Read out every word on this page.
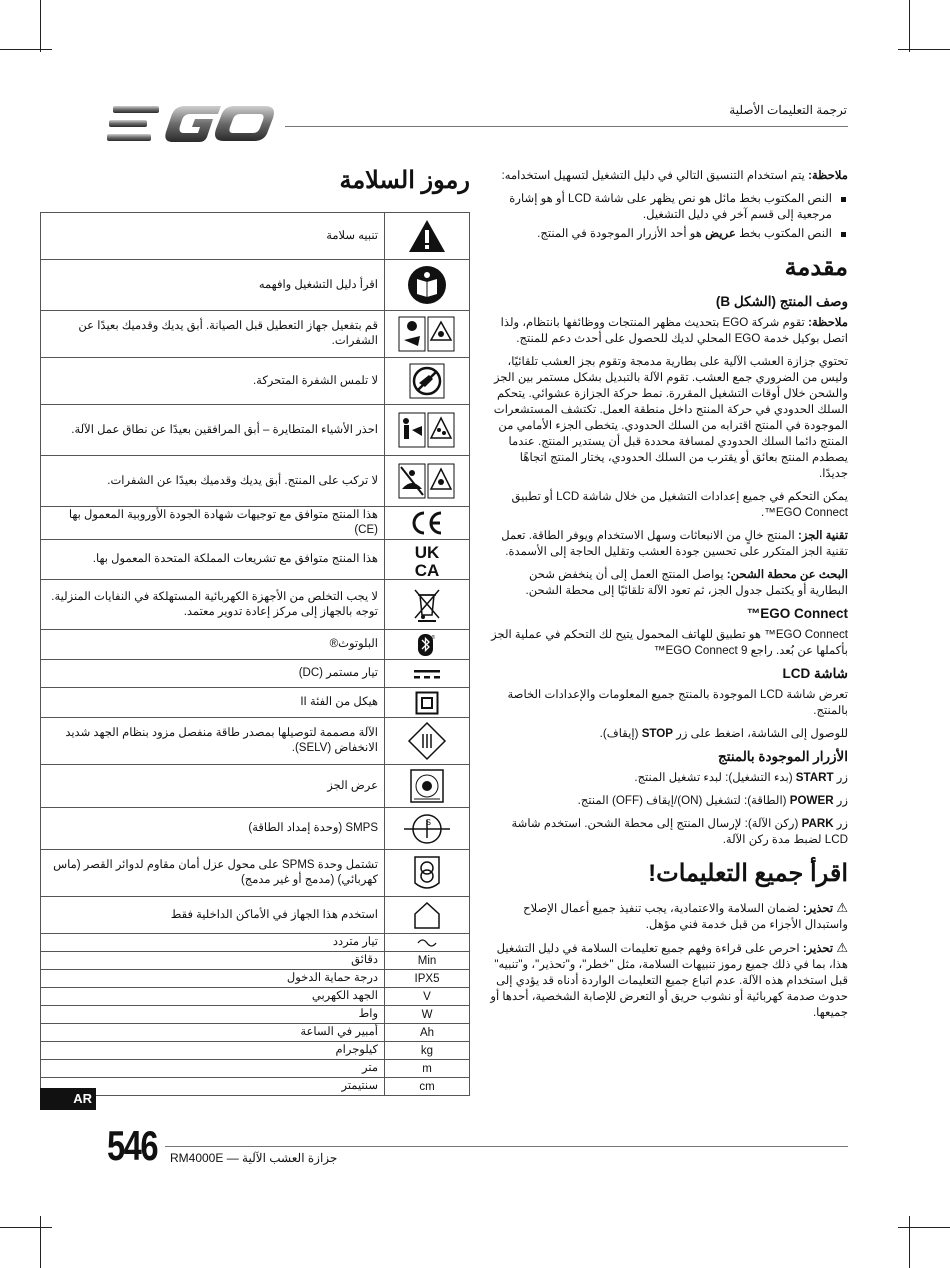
ترجمة التعليمات الأصلية

ملاحظة: يتم استخدام التنسيق التالي في دليل التشغيل لتسهيل استخدامه:

النص المكتوب بخط مائل هو نص يظهر على شاشة LCD أو هو إشارة مرجعية إلى قسم آخر في دليل التشغيل.
النص المكتوب بخط عريض هو أحد الأزرار الموجودة في المنتج.
مقدمة
وصف المنتج (الشكل B)

ملاحظة: تقوم شركة EGO بتحديث مظهر المنتجات ووظائفها بانتظام، ولذا اتصل بوكيل خدمة EGO المحلي لديك للحصول على أحدث دعم للمنتج.

تحتوي جزازة العشب الآلية على بطارية مدمجة وتقوم بجز العشب تلقائيًا، وليس من الضروري جمع العشب. تقوم الآلة بالتبديل بشكل مستمر بين الجز والشحن خلال أوقات التشغيل المقررة. نمط حركة الجزازة عشوائي. يتحكم السلك الحدودي في حركة المنتج داخل منطقة العمل. تكتشف المستشعرات الموجودة في المنتج اقترابه من السلك الحدودي. يتخطى الجزء الأمامي من المنتج دائما السلك الحدودي لمسافة محددة قبل أن يستدير المنتج. عندما يصطدم المنتج بعائق أو يقترب من السلك الحدودي، يختار المنتج اتجاهًا جديدًا.

يمكن التحكم في جميع إعدادات التشغيل من خلال شاشة LCD أو تطبيق EGO Connect™.

تقنية الجز: المنتج خالٍ من الانبعاثات وسهل الاستخدام ويوفر الطاقة. تعمل تقنية الجز المتكرر على تحسين جودة العشب وتقليل الحاجة إلى الأسمدة.

البحث عن محطة الشحن: يواصل المنتج العمل إلى أن ينخفض شحن البطارية أو يكتمل جدول الجز، ثم تعود الآلة تلقائيًا إلى محطة الشحن.

EGO Connect™

EGO Connect™ هو تطبيق للهاتف المحمول يتيح لك التحكم في عملية الجز بأكملها عن بُعد. راجع 9 EGO Connect™

شاشة LCD

تعرض شاشة LCD الموجودة بالمنتج جميع المعلومات والإعدادات الخاصة بالمنتج.

للوصول إلى الشاشة، اضغط على زر STOP (إيقاف).

الأزرار الموجودة بالمنتج

زر START (بدء التشغيل): لبدء تشغيل المنتج.

زر POWER (الطاقة): لتشغيل (ON)/إيقاف (OFF) المنتج.

زر PARK (ركن الآلة): لإرسال المنتج إلى محطة الشحن. استخدم شاشة LCD لضبط مدة ركن الآلة.

اقرأ جميع التعليمات!

⚠ تحذير: لضمان السلامة والاعتمادية، يجب تنفيذ جميع أعمال الإصلاح واستبدال الأجزاء من قبل خدمة فني مؤهل.

⚠ تحذير: احرص على قراءة وفهم جميع تعليمات السلامة في دليل التشغيل هذا، بما في ذلك جميع رموز تنبيهات السلامة، مثل "خطر"، و"تحذير"، و"تنبيه" قبل استخدام هذه الآلة. عدم اتباع جميع التعليمات الواردة أدناه قد يؤدي إلى حدوث صدمة كهربائية أو نشوب حريق أو التعرض للإصابة الشخصية، أحدها أو جميعها.

رموز السلامة
	تنبيه سلامة

	اقرأ دليل التشغيل وافهمه

	قم بتفعيل جهاز التعطيل قبل الصيانة. أبق يديك وقدميك بعيدًا عن الشفرات.

	لا تلمس الشفرة المتحركة.

	احذر الأشياء المتطايرة – أبق المرافقين بعيدًا عن نطاق عمل الآلة.

	لا تركب على المنتج. أبق يديك وقدميك بعيدًا عن الشفرات.

	هذا المنتج متوافق مع توجيهات شهادة الجودة الأوروبية المعمول بها (CE)

UK
CA	هذا المنتج متوافق مع تشريعات المملكة المتحدة المعمول بها.

	لا يجب التخلص من الأجهزة الكهربائية المستهلكة في النفايات المنزلية. توجه بالجهاز إلى مركز إعادة تدوير معتمد.

®	البلوتوث®

	تيار مستمر (DC)

	هيكل من الفئة II

	الآلة مصممة لتوصيلها بمصدر طاقة منفصل مزود بنظام الجهد شديد الانخفاض (SELV).

	عرض الجز

S	SMPS (وحدة إمداد الطاقة)

	تشتمل وحدة SPMS على محول عزل أمان مقاوم لدوائر القصر (ماس كهربائي) (مدمج أو غير مدمج)

	استخدم هذا الجهاز في الأماكن الداخلية فقط

	تيار متردد
Min	دقائق
IPX5	درجة حماية الدخول
V	الجهد الكهربي
W	واط
Ah	أمبير في الساعة
kg	كيلوجرام
m	متر
cm	سنتيمتر
AR
546 RM4000E — جزازة العشب الآلية
